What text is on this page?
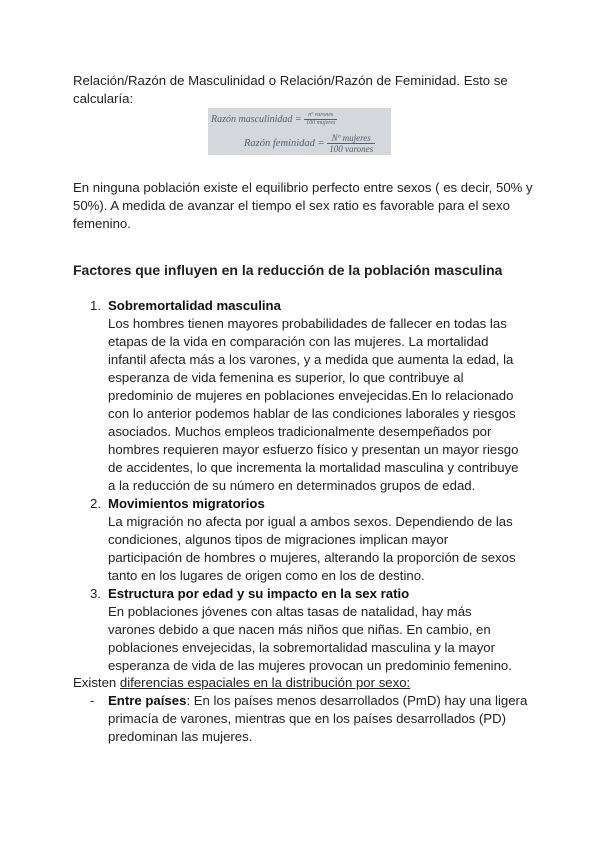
Relación/Razón de Masculinidad o Relación/Razón de Feminidad. Esto se calcularía:

Razón masculinidad = $\frac{\text{nº varones}}{\text{100 mujeres}}$
Razón feminidad = $\frac{\text{Nº mujeres}}{\text{100 varones}}$

En ninguna población existe el equilibrio perfecto entre sexos ( es decir, 50% y 50%). A medida de avanzar el tiempo el sex ratio es favorable para el sexo femenino.

Factores que influyen en la reducción de la población masculina
1. Sobremortalidad masculina
Los hombres tienen mayores probabilidades de fallecer en todas las etapas de la vida en comparación con las mujeres. La mortalidad infantil afecta más a los varones, y a medida que aumenta la edad, la esperanza de vida femenina es superior, lo que contribuye al predominio de mujeres en poblaciones envejecidas.En lo relacionado con lo anterior podemos hablar de las condiciones laborales y riesgos asociados. Muchos empleos tradicionalmente desempeñados por hombres requieren mayor esfuerzo físico y presentan un mayor riesgo de accidentes, lo que incrementa la mortalidad masculina y contribuye a la reducción de su número en determinados grupos de edad.
2. Movimientos migratorios
La migración no afecta por igual a ambos sexos. Dependiendo de las condiciones, algunos tipos de migraciones implican mayor participación de hombres o mujeres, alterando la proporción de sexos tanto en los lugares de origen como en los de destino.
3. Estructura por edad y su impacto en la sex ratio
En poblaciones jóvenes con altas tasas de natalidad, hay más varones debido a que nacen más niños que niñas. En cambio, en poblaciones envejecidas, la sobremortalidad masculina y la mayor esperanza de vida de las mujeres provocan un predominio femenino.
Existen diferencias espaciales en la distribución por sexo:
- Entre países: En los países menos desarrollados (PmD) hay una ligera primacía de varones, mientras que en los países desarrollados (PD) predominan las mujeres.
